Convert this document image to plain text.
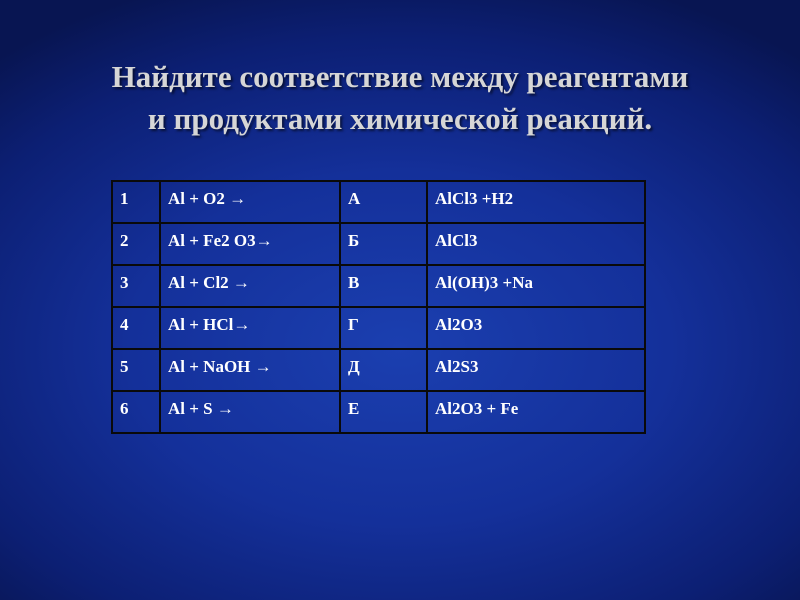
Найдите соответствие между реагентами
и продуктами химической реакций.
1	Al + O2 →	А	AlCl3 +H2
2	Al + Fe2 O3→	Б	AlCl3
3	Al + Cl2 →	В	Al(OH)3 +Na
4	Al + HCl→	Г	Al2O3
5	Al + NaOH →	Д	Al2S3
6	Al + S →	Е	Al2O3 + Fe
